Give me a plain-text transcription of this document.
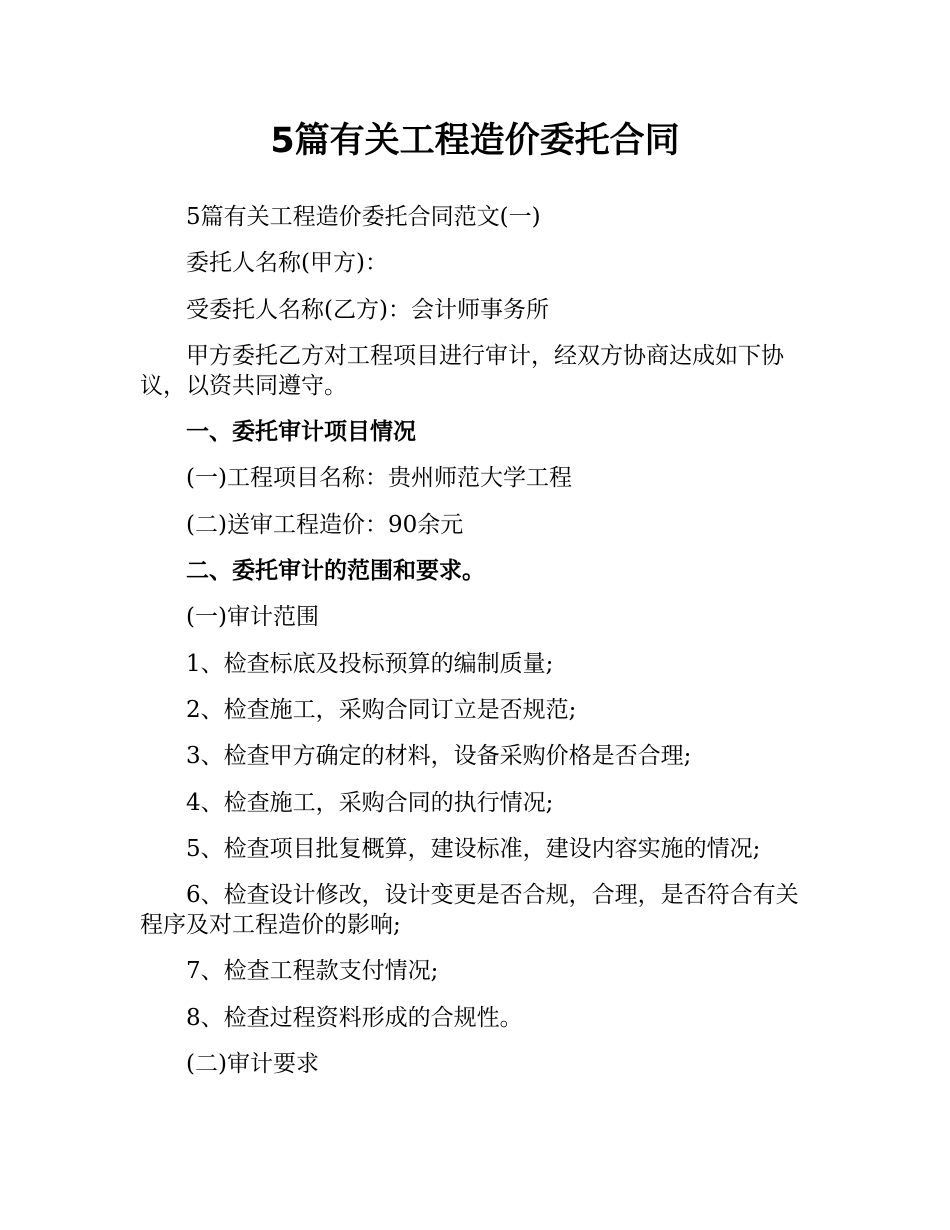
5篇有关工程造价委托合同

5篇有关工程造价委托合同范文(一)

委托人名称(甲方)：

受委托人名称(乙方)：会计师事务所

甲方委托乙方对工程项目进行审计，经双方协商达成如下协议，以资共同遵守。

一、委托审计项目情况

(一)工程项目名称：贵州师范大学工程

(二)送审工程造价：90余元

二、委托审计的范围和要求。

(一)审计范围

1、检查标底及投标预算的编制质量;

2、检查施工，采购合同订立是否规范;

3、检查甲方确定的材料，设备采购价格是否合理;

4、检查施工，采购合同的执行情况;

5、检查项目批复概算，建设标准，建设内容实施的情况;

6、检查设计修改，设计变更是否合规，合理，是否符合有关程序及对工程造价的影响;

7、检查工程款支付情况;

8、检查过程资料形成的合规性。

(二)审计要求
